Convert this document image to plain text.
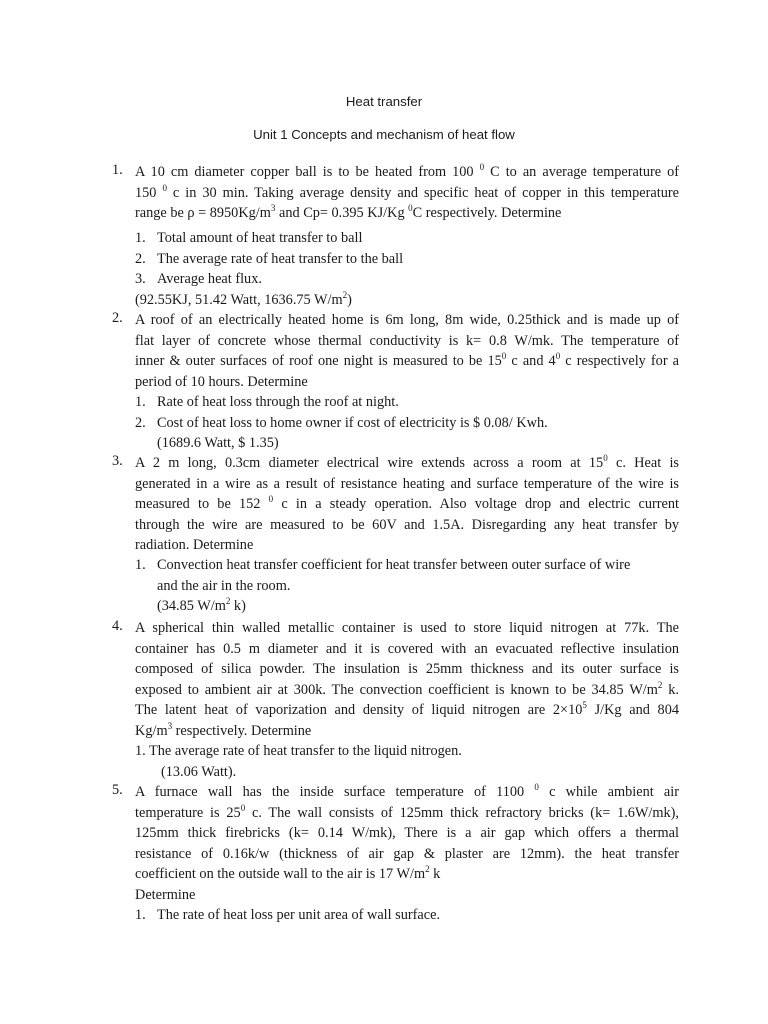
Heat transfer
Unit 1 Concepts and mechanism of heat flow
1. A 10 cm diameter copper ball is to be heated from 100 $^0$ C to an average temperature of
150 $^0$ c in 30 min. Taking average density and specific heat of copper in this temperature
range be $\rho = 8950Kg/m^3$ and Cp= 0.395 KJ/Kg $^0$C respectively. Determine
1. Total amount of heat transfer to ball
2. The average rate of heat transfer to the ball
3. Average heat flux.
(92.55KJ, 51.42 Watt, 1636.75 $W/m^2$)
2. A roof of an electrically heated home is 6m long, 8m wide, 0.25thick and is made up of
flat layer of concrete whose thermal conductivity is k= 0.8 W/mk. The temperature of
inner & outer surfaces of roof one night is measured to be $15^0$ c and $4^0$ c respectively for a
period of 10 hours. Determine
1. Rate of heat loss through the roof at night.
2. Cost of heat loss to home owner if cost of electricity is $ 0.08/ Kwh.
(1689.6 Watt, $ 1.35)
3. A 2 m long, 0.3cm diameter electrical wire extends across a room at $15^0$ c. Heat is
generated in a wire as a result of resistance heating and surface temperature of the wire is
measured to be 152 $^0$ c in a steady operation. Also voltage drop and electric current
through the wire are measured to be 60V and 1.5A. Disregarding any heat transfer by
radiation. Determine
1. Convection heat transfer coefficient for heat transfer between outer surface of wire
and the air in the room.
(34.85 $W/m^2$ k)
4. A spherical thin walled metallic container is used to store liquid nitrogen at 77k. The
container has 0.5 m diameter and it is covered with an evacuated reflective insulation
composed of silica powder. The insulation is 25mm thickness and its outer surface is
exposed to ambient air at 300k. The convection coefficient is known to be 34.85 $W/m^2$ k.
The latent heat of vaporization and density of liquid nitrogen are $2\times 10^5$ J/Kg and 804
$Kg/m^3$ respectively. Determine
1. The average rate of heat transfer to the liquid nitrogen.
(13.06 Watt).
5. A furnace wall has the inside surface temperature of 1100 $^0$ c while ambient air
temperature is $25^0$ c. The wall consists of 125mm thick refractory bricks (k= 1.6W/mk),
125mm thick firebricks (k= 0.14 W/mk), There is a air gap which offers a thermal
resistance of 0.16k/w (thickness of air gap & plaster are 12mm). the heat transfer
coefficient on the outside wall to the air is 17 $W/m^2$ k
Determine
1. The rate of heat loss per unit area of wall surface.
